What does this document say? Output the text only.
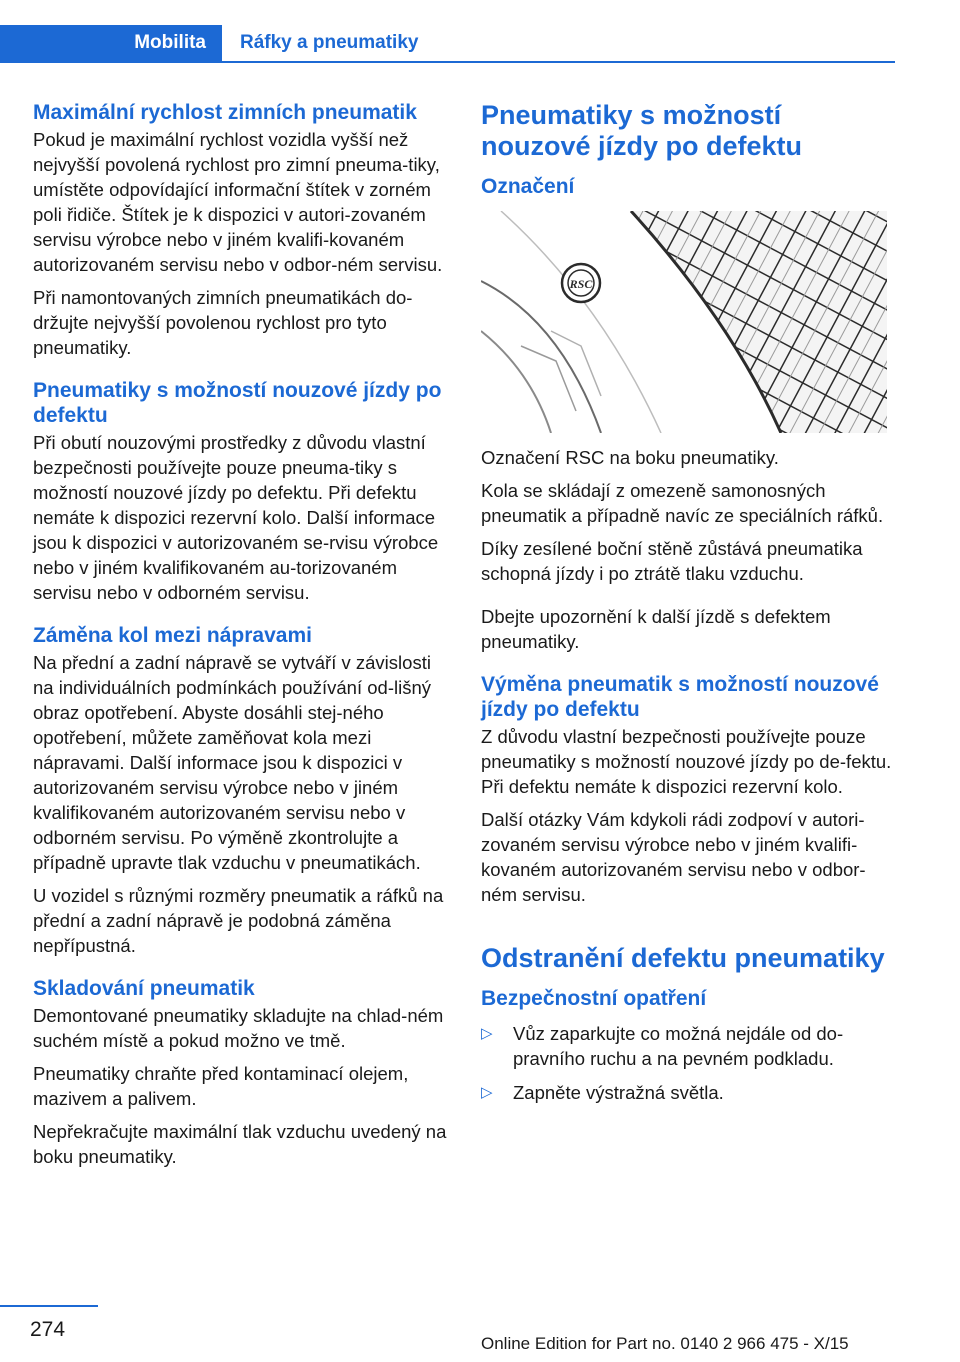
Mobilita	Ráfky a pneumatiky
Maximální rychlost zimních pneumatik

Pokud je maximální rychlost vozidla vyšší než nejvyšší povolená rychlost pro zimní pneuma‐tiky, umístěte odpovídající informační štítek v zorném poli řidiče. Štítek je k dispozici v autori‐zovaném servisu výrobce nebo v jiném kvalifi‐kovaném autorizovaném servisu nebo v odbor‐ném servisu.

Při namontovaných zimních pneumatikách do‐držujte nejvyšší povolenou rychlost pro tyto pneumatiky.

Pneumatiky s možností nouzové jízdy po defektu

Při obutí nouzovými prostředky z důvodu vlastní bezpečnosti používejte pouze pneuma‐tiky s možností nouzové jízdy po defektu. Při defektu nemáte k dispozici rezervní kolo. Další informace jsou k dispozici v autorizovaném se‐rvisu výrobce nebo v jiném kvalifikovaném au‐torizovaném servisu nebo v odborném servisu.

Záměna kol mezi nápravami

Na přední a zadní nápravě se vytváří v závislosti na individuálních podmínkách používání od‐lišný obraz opotřebení. Abyste dosáhli stej‐ného opotřebení, můžete zaměňovat kola mezi nápravami. Další informace jsou k dispozici v autorizovaném servisu výrobce nebo v jiném kvalifikovaném autorizovaném servisu nebo v odborném servisu. Po výměně zkontrolujte a případně upravte tlak vzduchu v pneumatikách.

U vozidel s různými rozměry pneumatik a ráfků na přední a zadní nápravě je podobná záměna nepřípustná.

Skladování pneumatik

Demontované pneumatiky skladujte na chlad‐ném suchém místě a pokud možno ve tmě.

Pneumatiky chraňte před kontaminací olejem, mazivem a palivem.

Nepřekračujte maximální tlak vzduchu uvedený na boku pneumatiky.

Pneumatiky s možností nouzové jízdy po defektu
Označení
RSC

Označení RSC na boku pneumatiky.

Kola se skládají z omezeně samonosných pneumatik a případně navíc ze speciálních ráfků.

Díky zesílené boční stěně zůstává pneumatika schopná jízdy i po ztrátě tlaku vzduchu.

Dbejte upozornění k další jízdě s defektem pneumatiky.

Výměna pneumatik s možností nouzové jízdy po defektu

Z důvodu vlastní bezpečnosti používejte pouze pneumatiky s možností nouzové jízdy po de‐fektu. Při defektu nemáte k dispozici rezervní kolo.

Další otázky Vám kdykoli rádi zodpoví v autori‐zovaném servisu výrobce nebo v jiném kvalifi‐kovaném autorizovaném servisu nebo v odbor‐ném servisu.

Odstranění defektu pneumatiky
Bezpečnostní opatření
▷ Vůz zaparkujte co možná nejdále od do‐pravního ruchu a na pevném podkladu.
▷ Zapněte výstražná světla.
274
Online Edition for Part no. 0140 2 966 475 - X/15
